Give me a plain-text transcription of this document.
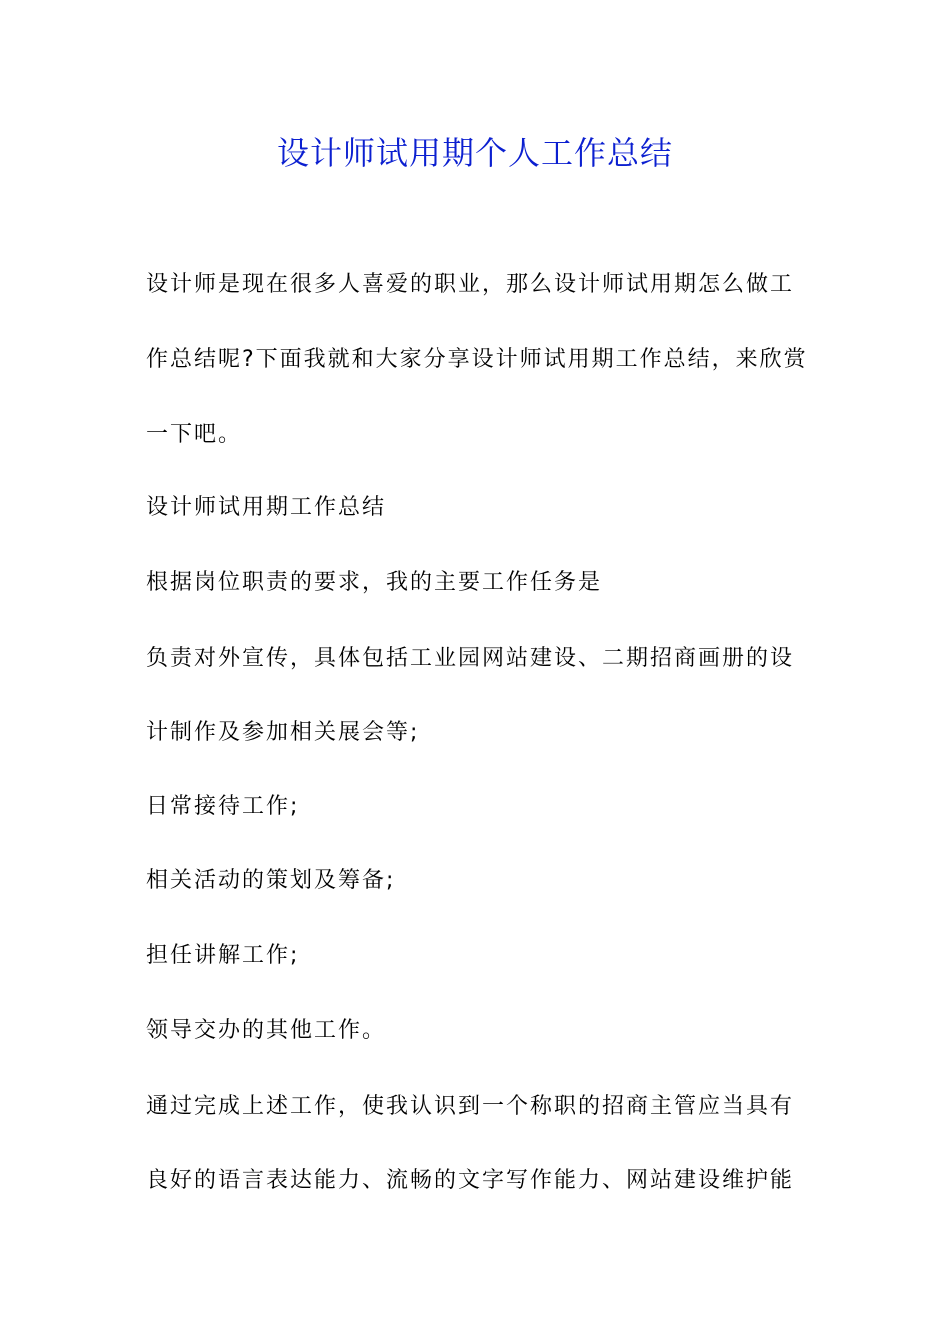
设计师试用期个人工作总结
设计师是现在很多人喜爱的职业，那么设计师试用期怎么做工
作总结呢?下面我就和大家分享设计师试用期工作总结，来欣赏
一下吧。
设计师试用期工作总结
根据岗位职责的要求，我的主要工作任务是
负责对外宣传，具体包括工业园网站建设、二期招商画册的设
计制作及参加相关展会等;
日常接待工作;
相关活动的策划及筹备;
担任讲解工作;
领导交办的其他工作。
通过完成上述工作，使我认识到一个称职的招商主管应当具有
良好的语言表达能力、流畅的文字写作能力、网站建设维护能
